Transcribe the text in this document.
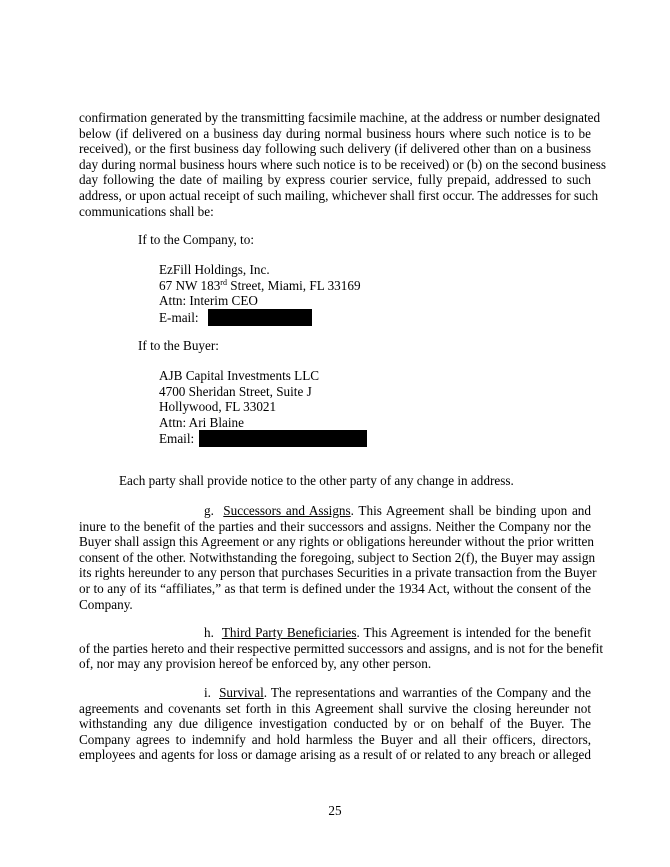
confirmation generated by the transmitting facsimile machine, at the address or number designated
below (if delivered on a business day during normal business hours where such notice is to be
received), or the first business day following such delivery (if delivered other than on a business
day during normal business hours where such notice is to be received) or (b) on the second business
day following the date of mailing by express courier service, fully prepaid, addressed to such
address, or upon actual receipt of such mailing, whichever shall first occur. The addresses for such
communications shall be:
If to the Company, to:
EzFill Holdings, Inc.
67 NW 183rd Street, Miami, FL 33169
Attn: Interim CEO
E-mail:
If to the Buyer:
AJB Capital Investments LLC
4700 Sheridan Street, Suite J
Hollywood, FL 33021
Attn: Ari Blaine
Email:
Each party shall provide notice to the other party of any change in address.
g. Successors and Assigns. This Agreement shall be binding upon and
inure to the benefit of the parties and their successors and assigns. Neither the Company nor the
Buyer shall assign this Agreement or any rights or obligations hereunder without the prior written
consent of the other. Notwithstanding the foregoing, subject to Section 2(f), the Buyer may assign
its rights hereunder to any person that purchases Securities in a private transaction from the Buyer
or to any of its “affiliates,” as that term is defined under the 1934 Act, without the consent of the
Company.
h. Third Party Beneficiaries. This Agreement is intended for the benefit
of the parties hereto and their respective permitted successors and assigns, and is not for the benefit
of, nor may any provision hereof be enforced by, any other person.
i. Survival. The representations and warranties of the Company and the
agreements and covenants set forth in this Agreement shall survive the closing hereunder not
withstanding any due diligence investigation conducted by or on behalf of the Buyer. The
Company agrees to indemnify and hold harmless the Buyer and all their officers, directors,
employees and agents for loss or damage arising as a result of or related to any breach or alleged
25
